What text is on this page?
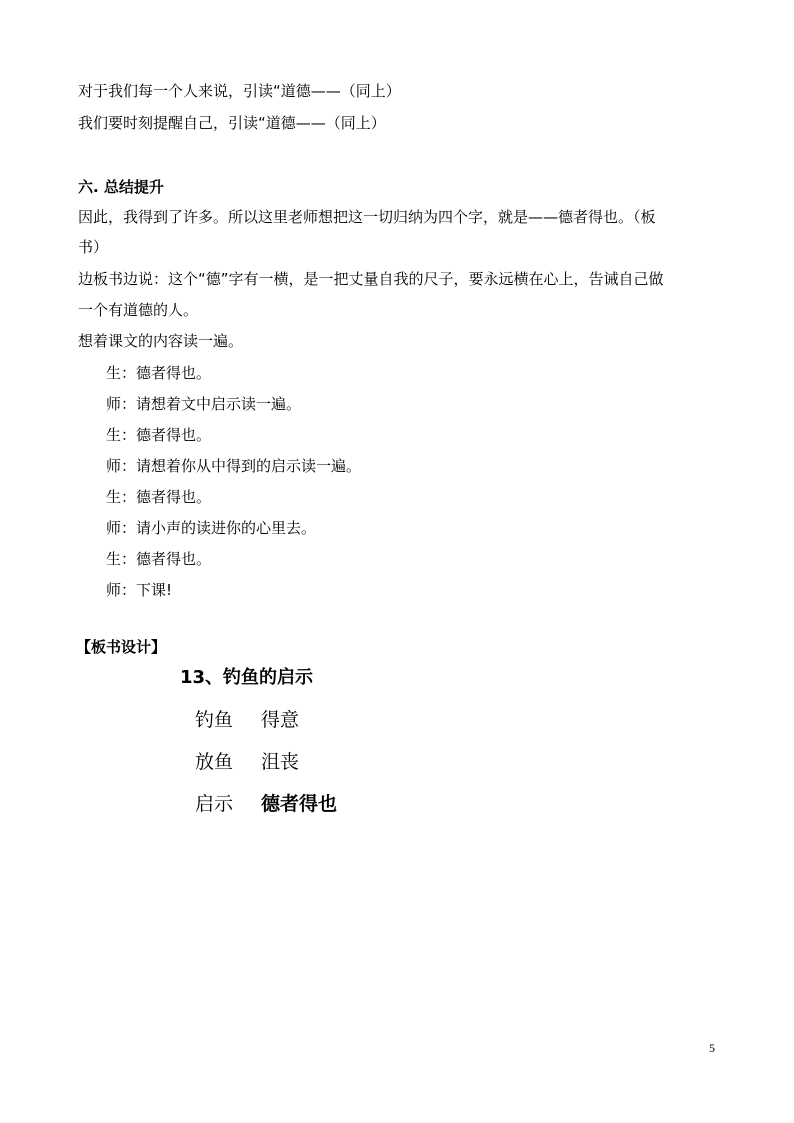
对于我们每一个人来说，引读“道德——（同上）
我们要时刻提醒自己，引读“道德——（同上）
六. 总结提升
因此，我得到了许多。所以这里老师想把这一切归纳为四个字，就是——德者得也。（板
书）
边板书边说：这个“德”字有一横，是一把丈量自我的尺子，要永远横在心上，告诫自己做
一个有道德的人。
想着课文的内容读一遍。
生：德者得也。
师：请想着文中启示读一遍。
生：德者得也。
师：请想着你从中得到的启示读一遍。
生：德者得也。
师：请小声的读进你的心里去。
生：德者得也。
师：下课!
【板书设计】
13、钓鱼的启示
钓鱼 得意
放鱼 沮丧
启示 德者得也
5
